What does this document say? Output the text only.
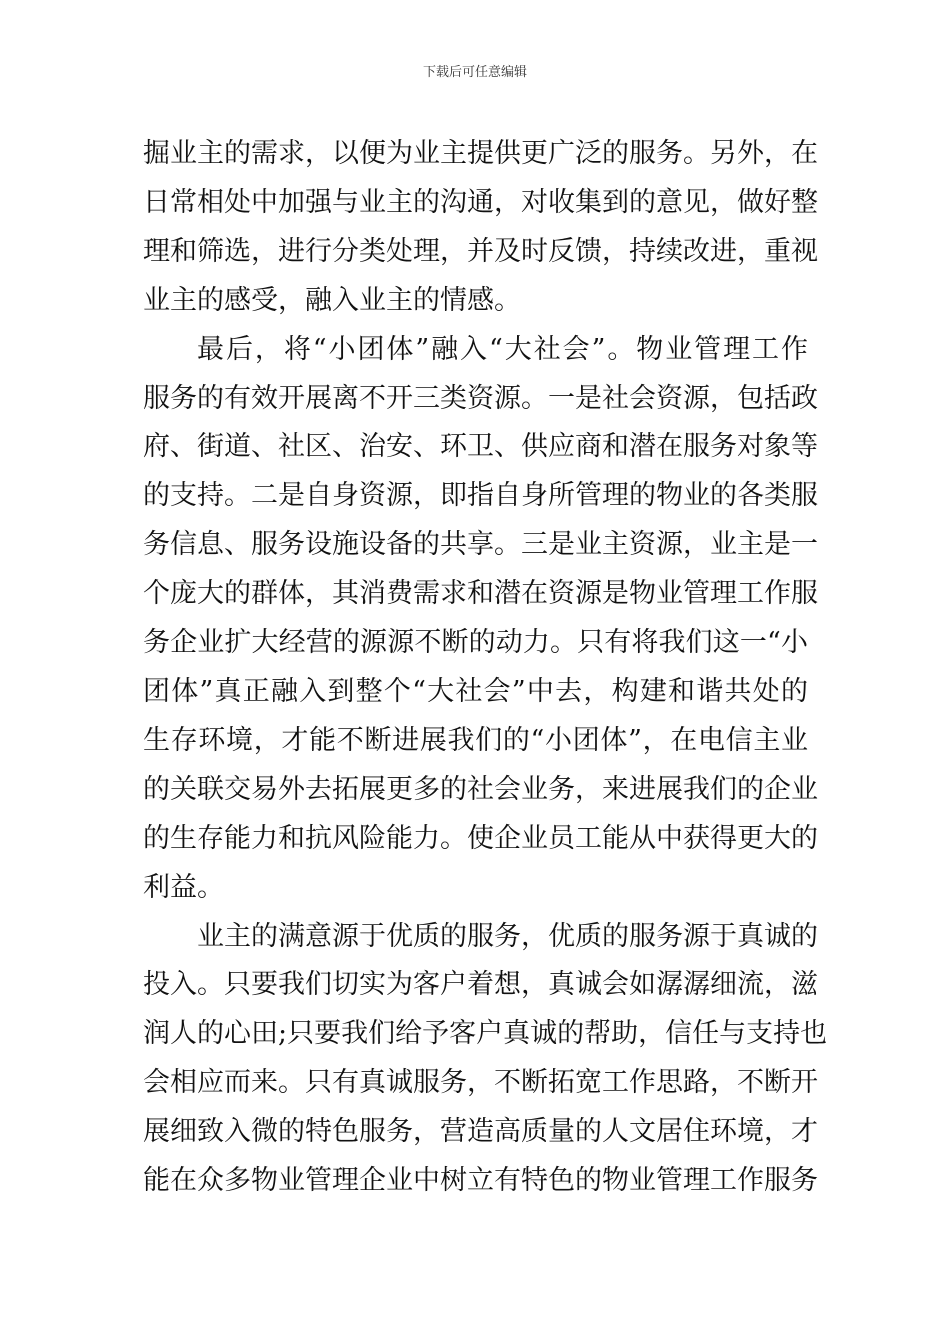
下载后可任意编辑
掘业主的需求，以便为业主提供更广泛的服务。另外，在
日常相处中加强与业主的沟通，对收集到的意见，做好整
理和筛选，进行分类处理，并及时反馈，持续改进，重视
业主的感受，融入业主的情感。
最后，将“小团体”融入“大社会”。物业管理工作
服务的有效开展离不开三类资源。一是社会资源，包括政
府、街道、社区、治安、环卫、供应商和潜在服务对象等
的支持。二是自身资源，即指自身所管理的物业的各类服
务信息、服务设施设备的共享。三是业主资源，业主是一
个庞大的群体，其消费需求和潜在资源是物业管理工作服
务企业扩大经营的源源不断的动力。只有将我们这一“小
团体”真正融入到整个“大社会”中去，构建和谐共处的
生存环境，才能不断进展我们的“小团体”，在电信主业
的关联交易外去拓展更多的社会业务，来进展我们的企业
的生存能力和抗风险能力。使企业员工能从中获得更大的
利益。
业主的满意源于优质的服务，优质的服务源于真诚的
投入。只要我们切实为客户着想，真诚会如潺潺细流，滋
润人的心田;只要我们给予客户真诚的帮助，信任与支持也
会相应而来。只有真诚服务，不断拓宽工作思路，不断开
展细致入微的特色服务，营造高质量的人文居住环境，才
能在众多物业管理企业中树立有特色的物业管理工作服务
